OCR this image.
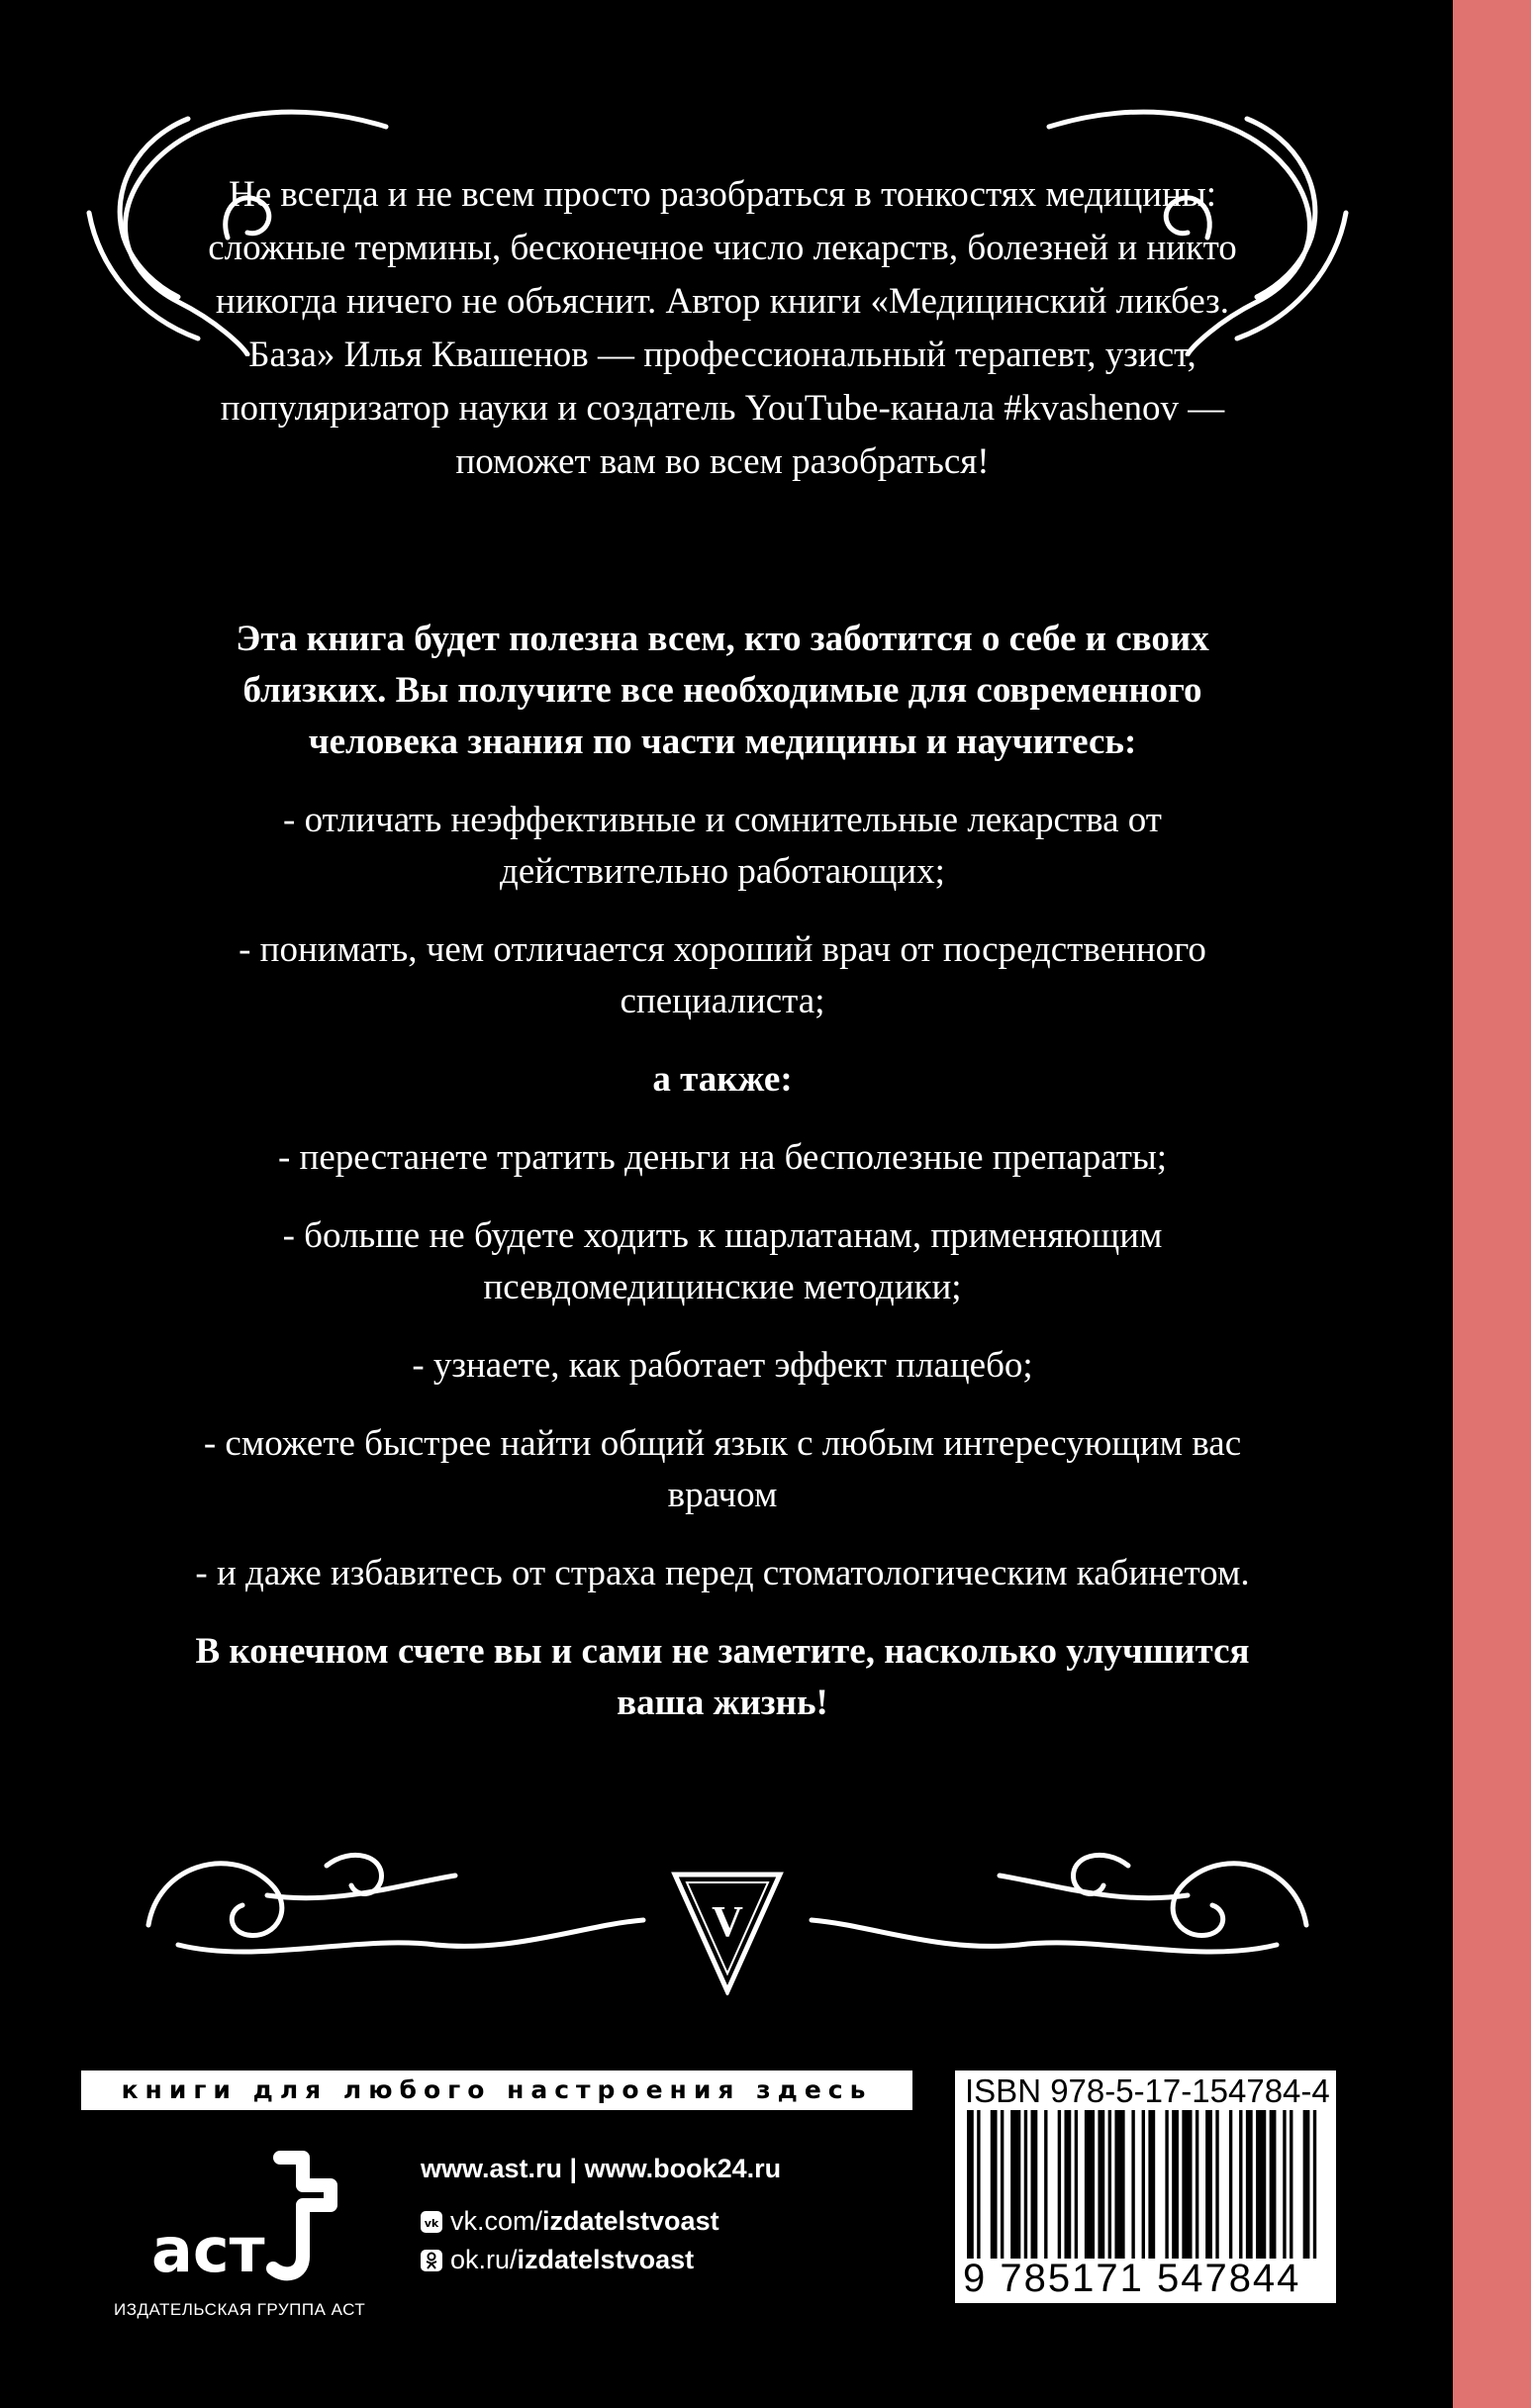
Не всегда и не всем просто разобраться в тонкостях медицины: сложные термины, бесконечное число лекарств, болезней и никто никогда ничего не объяснит. Автор книги «Медицинский ликбез. База» Илья Квашенов — профессиональный терапевт, узист, популяризатор науки и создатель YouTube-канала #kvashenov — поможет вам во всем разобраться!

Эта книга будет полезна всем, кто заботится о себе и своих близких. Вы получите все необходимые для современного человека знания по части медицины и научитесь:

- отличать неэффективные и сомнительные лекарства от действительно работающих;

- понимать, чем отличается хороший врач от посредственного специалиста;

а также:

- перестанете тратить деньги на бесполезные препараты;

- больше не будете ходить к шарлатанам, применяющим псевдомедицинские методики;

- узнаете, как работает эффект плацебо;

- сможете быстрее найти общий язык с любым интересующим вас врачом

- и даже избавитесь от страха перед стоматологическим кабинетом.

В конечном счете вы и сами не заметите, насколько улучшится ваша жизнь!

V
книги для любого настроения здесь	ISBN 978-5-17-154784-4
9 785171 547844
аст
ИЗДАТЕЛЬСКАЯ ГРУППА АСТ
www.ast.ru | www.book24.ru
vk vk.com/ izdatelstvoast
ok.ru/ izdatelstvoast
